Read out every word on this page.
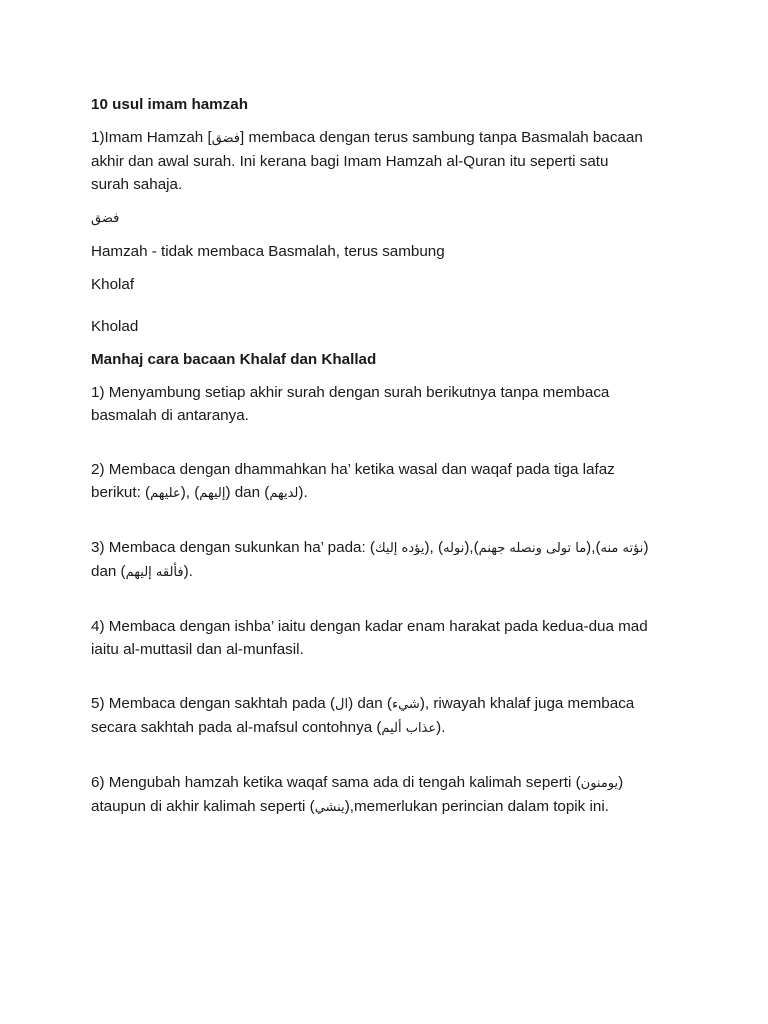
10 usul imam hamzah

1)Imam Hamzah [فضق] membaca dengan terus sambung tanpa Basmalah bacaan

akhir dan awal surah. Ini kerana bagi Imam Hamzah al-Quran itu seperti satu

surah sahaja.

فضق

Hamzah - tidak membaca Basmalah, terus sambung

Kholaf

Kholad

Manhaj cara bacaan Khalaf dan Khallad

1) Menyambung setiap akhir surah dengan surah berikutnya tanpa membaca

basmalah di antaranya.

2) Membaca dengan dhammahkan ha’ ketika wasal dan waqaf pada tiga lafaz

berikut: (عليهم), (إليهم) dan (لديهم).

3) Membaca dengan sukunkan ha’ pada: (يؤده إليك), (نوله),(ما تولى ونصله جهنم),(نؤته منه)

dan (فألقه إليهم).

4) Membaca dengan ishba’ iaitu dengan kadar enam harakat pada kedua-dua mad

iaitu al-muttasil dan al-munfasil.

5) Membaca dengan sakhtah pada (ال) dan (شيء), riwayah khalaf juga membaca

secara sakhtah pada al-mafsul contohnya (عذاب أليم).

6) Mengubah hamzah ketika waqaf sama ada di tengah kalimah seperti (يومنون)

ataupun di akhir kalimah seperti (ينشي),memerlukan perincian dalam topik ini.
